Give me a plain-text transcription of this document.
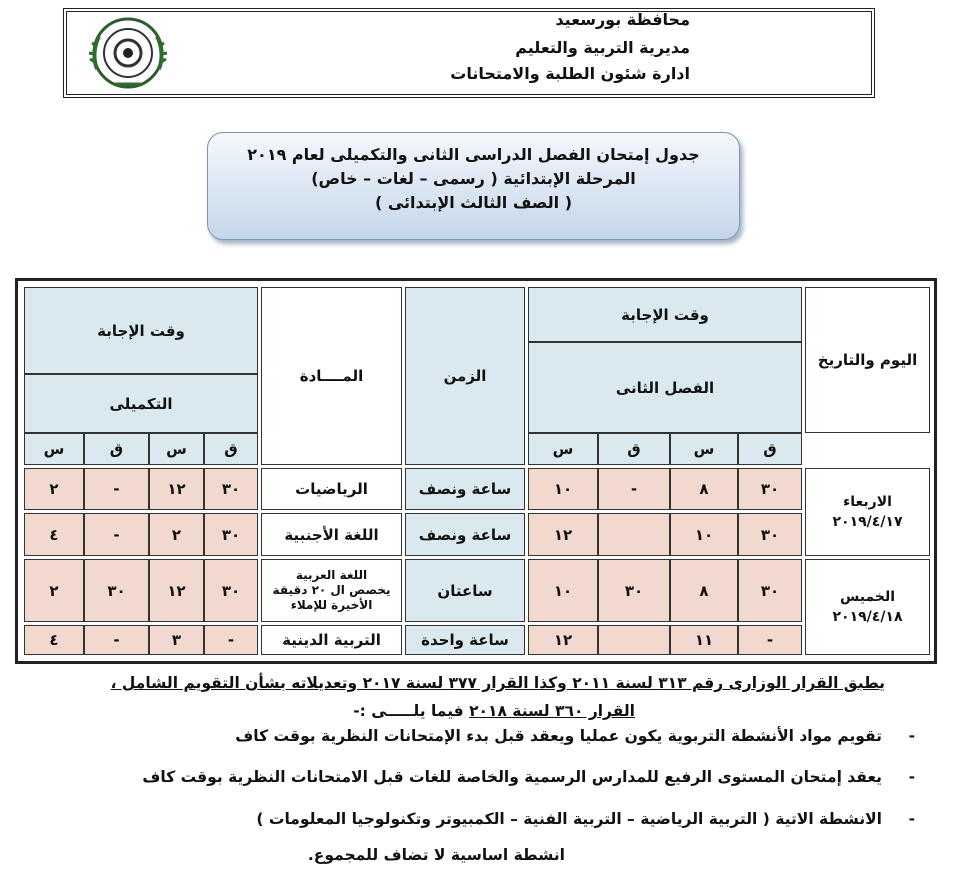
محافظة بورسعيد
مديرية التربية والتعليم
ادارة شئون الطلبة والامتحانات
جدول إمتحان الفصل الدراسى الثانى والتكميلى لعام ٢٠١٩
المرحلة الإبتدائية ( رسمى – لغات – خاص)
( الصف الثالث الإبتدائى )
اليوم والتاريخ
وقت الإجابة
الفصل الثانى
ق
س
ق
س
الزمن
المــــادة
وقت الإجابة
التكميلى
ق
س
ق
س
الاربعاء
٢٠١٩/٤/١٧
الخميس
٢٠١٩/٤/١٨
٣٠
٨
-
١٠
ساعة ونصف
الرياضيات
٣٠
١٢
-
٢
٣٠
١٠
١٢
ساعة ونصف
اللغة الأجنبية
٣٠
٢
-
٤
٣٠
٨
٣٠
١٠
ساعتان
اللغة العربية
يخصص ال ٢٠ دقيقة
الأخيرة للإملاء
٣٠
١٢
٣٠
٢
-
١١
١٢
ساعة واحدة
التربية الدينية
-
٣
-
٤
يطبق القرار الوزارى رقم ٣١٣ لسنة ٢٠١١ وكذا القرار ٣٧٧ لسنة ٢٠١٧ وتعديلاته بشأن التقويم الشامل ،
القرار ٣٦٠ لسنة ٢٠١٨ فيما يلـــــى :-
-
تقويم مواد الأنشطة التربوية يكون عمليا ويعقد قبل بدء الإمتحانات النظرية بوقت كاف
-
يعقد إمتحان المستوى الرفيع للمدارس الرسمية والخاصة للغات قبل الامتحانات النظرية بوقت كاف
-
الانشطة الاتية ( التربية الرياضية – التربية الفنية – الكمبيوتر وتكنولوجيا المعلومات )
انشطة اساسية لا تضاف للمجموع.
